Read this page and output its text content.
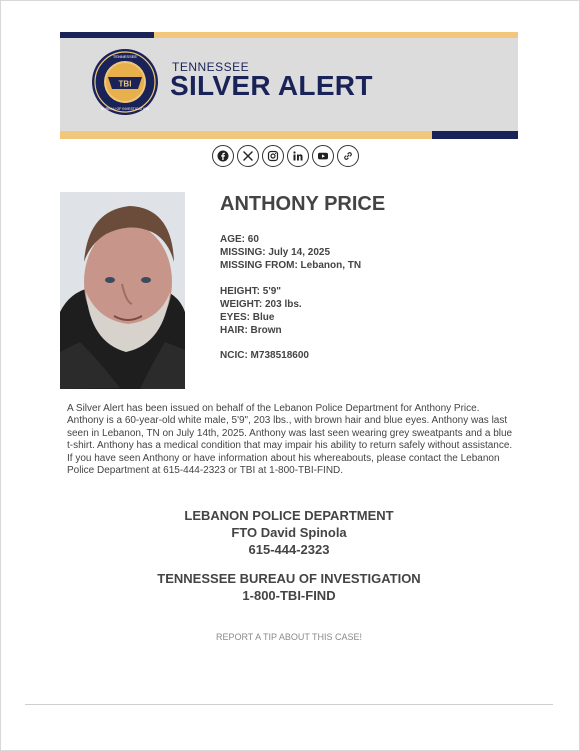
TBI
TENNESSEE
BUREAU OF INVESTIGATION
TENNESSEE
SILVER ALERT
ANTHONY PRICE
AGE: 60
MISSING: July 14, 2025
MISSING FROM: Lebanon, TN
HEIGHT: 5'9"
WEIGHT: 203 lbs.
EYES: Blue
HAIR: Brown
NCIC: M738518600
A Silver Alert has been issued on behalf of the Lebanon Police Department for Anthony Price. Anthony is a 60-year-old white male, 5'9", 203 lbs., with brown hair and blue eyes. Anthony was last seen in Lebanon, TN on July 14th, 2025. Anthony was last seen wearing grey sweatpants and a blue t-shirt. Anthony has a medical condition that may impair his ability to return safely without assistance. If you have seen Anthony or have information about his whereabouts, please contact the Lebanon Police Department at 615-444-2323 or TBI at 1-800-TBI-FIND.
LEBANON POLICE DEPARTMENT
FTO David Spinola
615-444-2323
TENNESSEE BUREAU OF INVESTIGATION
1-800-TBI-FIND
REPORT A TIP ABOUT THIS CASE!
